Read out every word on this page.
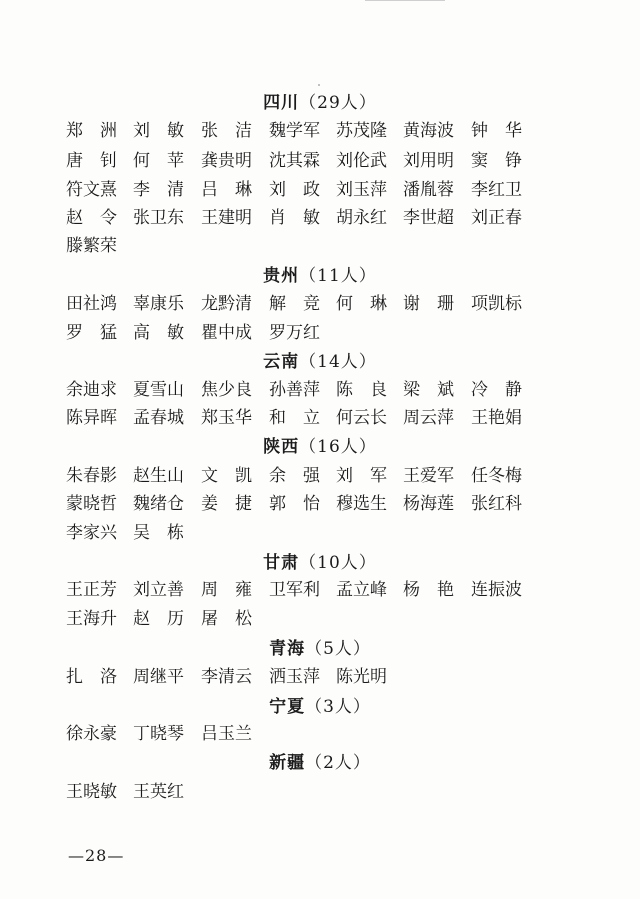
四川（29人）
郑　洲 刘　敏	张　洁	魏学军 苏茂隆 黄海波	钟　华
唐　钊 何　苹	龚贵明	沈其霖 刘伦武 刘用明	窦　铮
符文熹 李　清	吕　琳	刘　政 刘玉萍 潘胤蓉	李红卫
赵　令 张卫东	王建明	肖　敏 胡永红 李世超	刘正春
滕繁荣
贵州（11人）
田社鸿 辜康乐	龙黔清	解　竞 何　琳 谢　珊	项凯标
罗　猛 高　敏	瞿中成	罗万红
云南（14人）
余迪求 夏雪山	焦少良	孙善萍 陈　良 梁　斌	冷　静
陈异晖 孟春城	郑玉华	和　立 何云长 周云萍	王艳娟
陕西（16人）
朱春影 赵生山	文　凯	余　强 刘　军 王爱军	任冬梅
蒙晓哲 魏绪仓	姜　捷	郭　怡 穆选生 杨海莲	张红科
李家兴 吴　栋
甘肃（10人）
王正芳 刘立善	周　雍	卫军利 孟立峰 杨　艳	连振波
王海升 赵　历	屠　松
青海（5人）
扎　洛 周继平	李清云	洒玉萍 陈光明
宁夏（3人）
徐永豪 丁晓琴	吕玉兰
新疆（2人）
王晓敏 王英红
—28—
